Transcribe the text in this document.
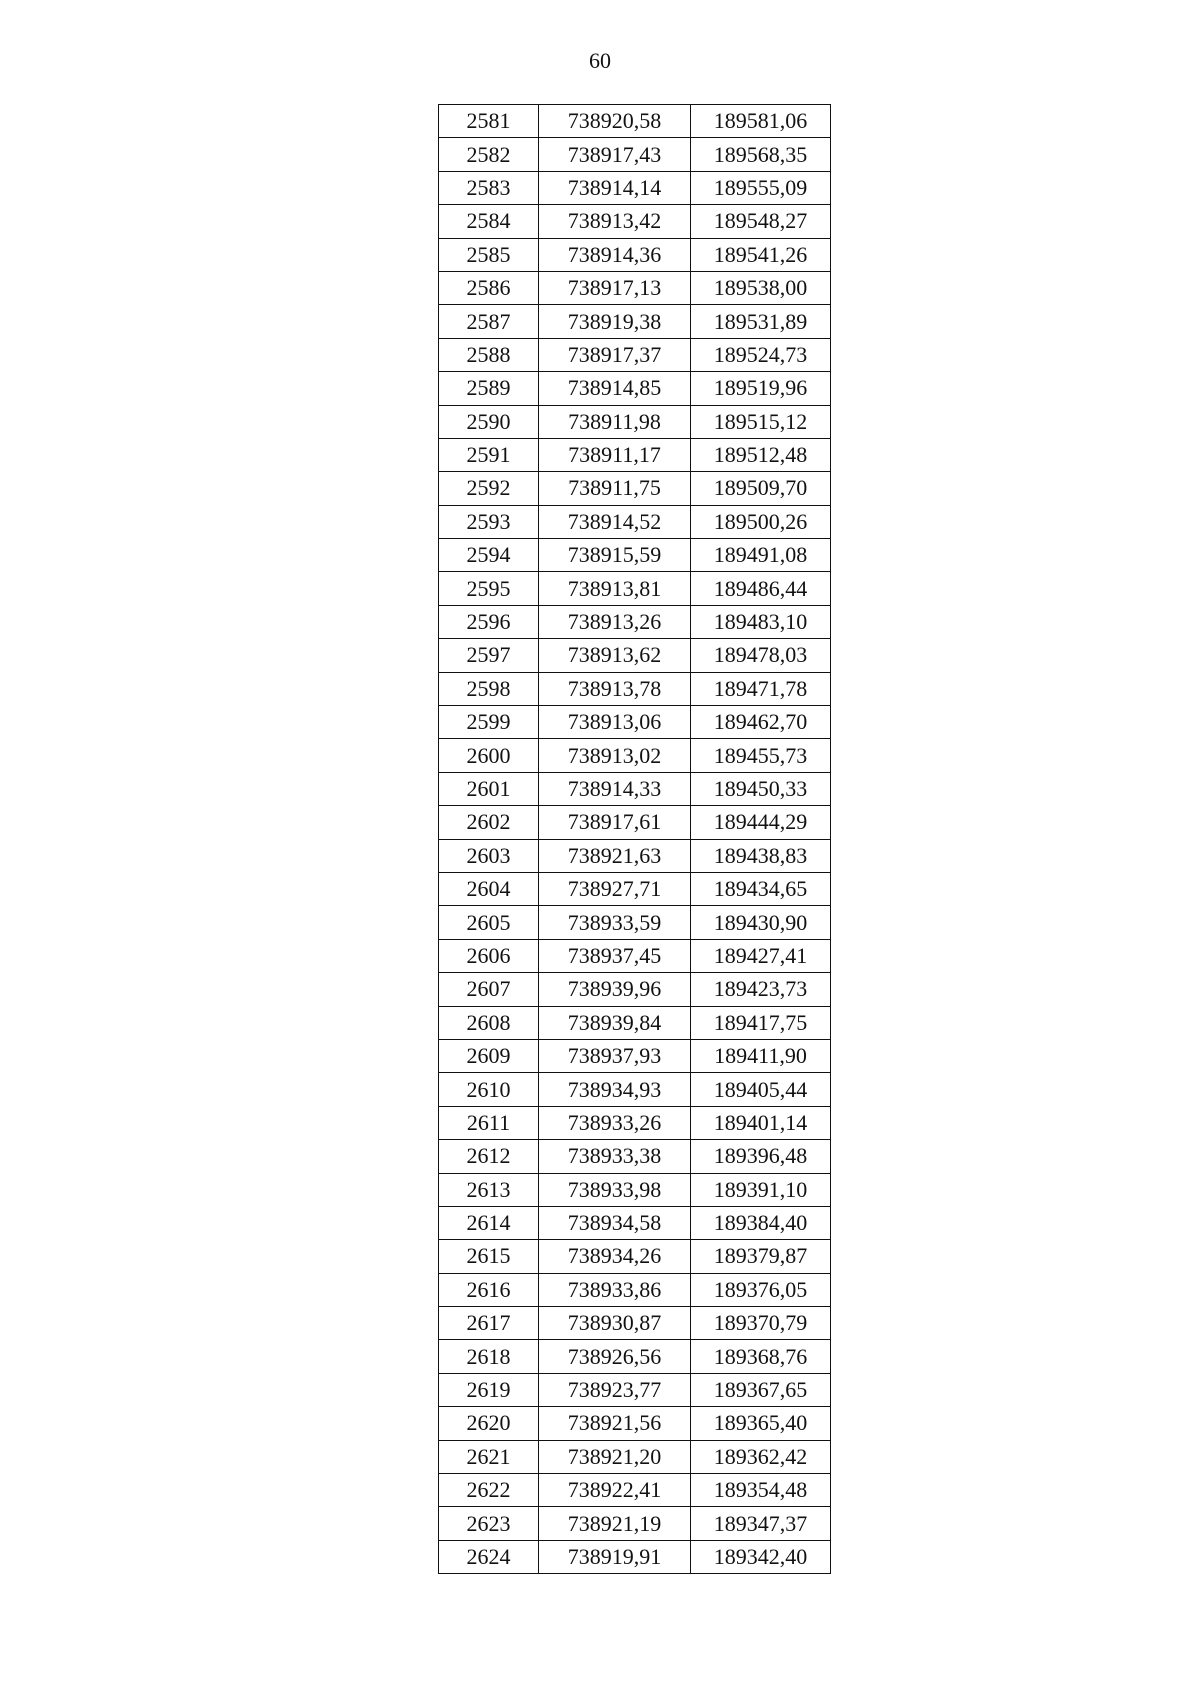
60
2581	738920,58	189581,06
2582	738917,43	189568,35
2583	738914,14	189555,09
2584	738913,42	189548,27
2585	738914,36	189541,26
2586	738917,13	189538,00
2587	738919,38	189531,89
2588	738917,37	189524,73
2589	738914,85	189519,96
2590	738911,98	189515,12
2591	738911,17	189512,48
2592	738911,75	189509,70
2593	738914,52	189500,26
2594	738915,59	189491,08
2595	738913,81	189486,44
2596	738913,26	189483,10
2597	738913,62	189478,03
2598	738913,78	189471,78
2599	738913,06	189462,70
2600	738913,02	189455,73
2601	738914,33	189450,33
2602	738917,61	189444,29
2603	738921,63	189438,83
2604	738927,71	189434,65
2605	738933,59	189430,90
2606	738937,45	189427,41
2607	738939,96	189423,73
2608	738939,84	189417,75
2609	738937,93	189411,90
2610	738934,93	189405,44
2611	738933,26	189401,14
2612	738933,38	189396,48
2613	738933,98	189391,10
2614	738934,58	189384,40
2615	738934,26	189379,87
2616	738933,86	189376,05
2617	738930,87	189370,79
2618	738926,56	189368,76
2619	738923,77	189367,65
2620	738921,56	189365,40
2621	738921,20	189362,42
2622	738922,41	189354,48
2623	738921,19	189347,37
2624	738919,91	189342,40
